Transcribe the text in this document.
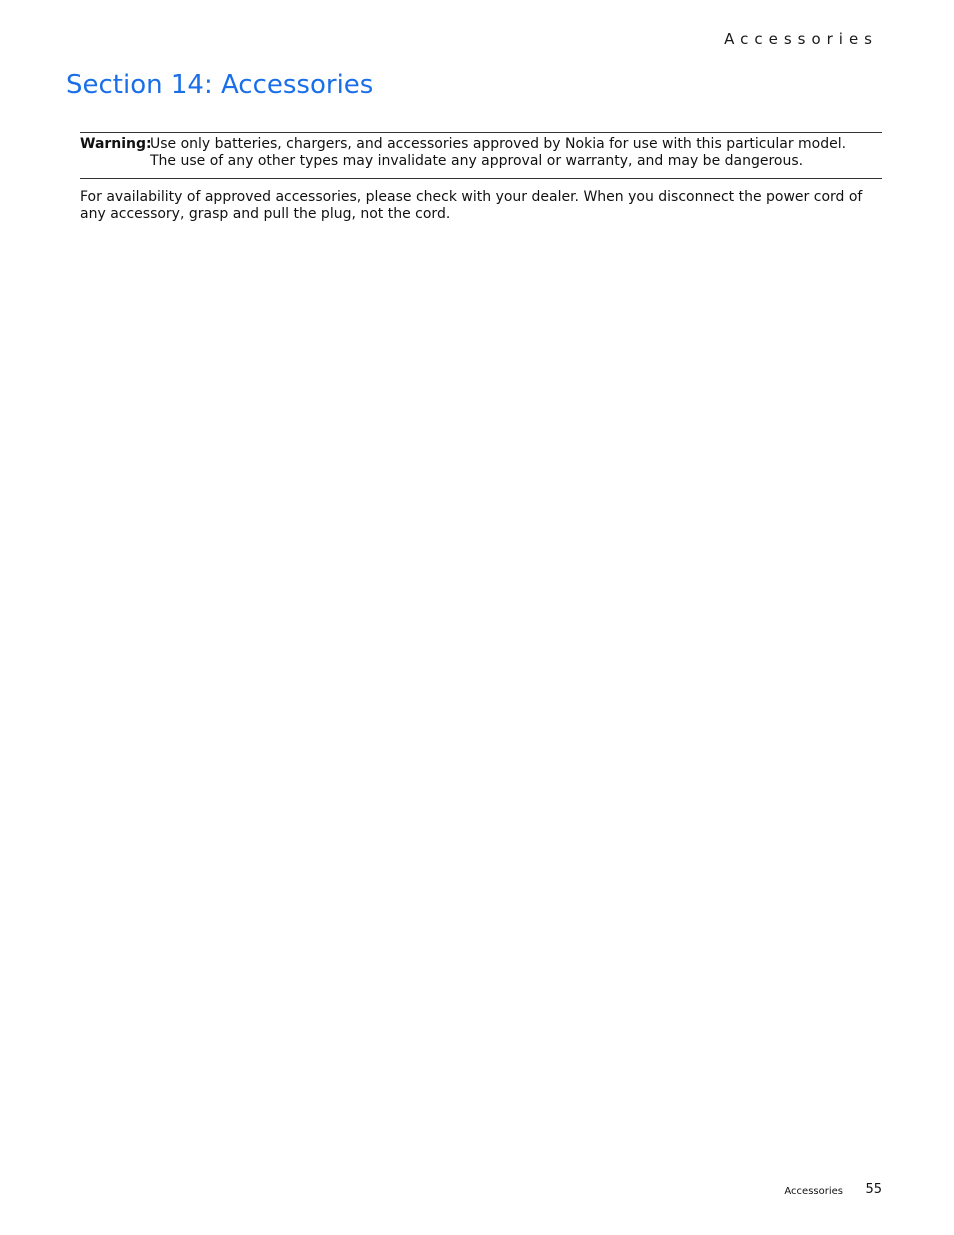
Accessories
Section 14: Accessories
Warning:
Use only batteries, chargers, and accessories approved by Nokia for use with this particular model. The use of any other types may invalidate any approval or warranty, and may be dangerous.

For availability of approved accessories, please check with your dealer. When you disconnect the power cord of any accessory, grasp and pull the plug, not the cord.

Accessories 55
